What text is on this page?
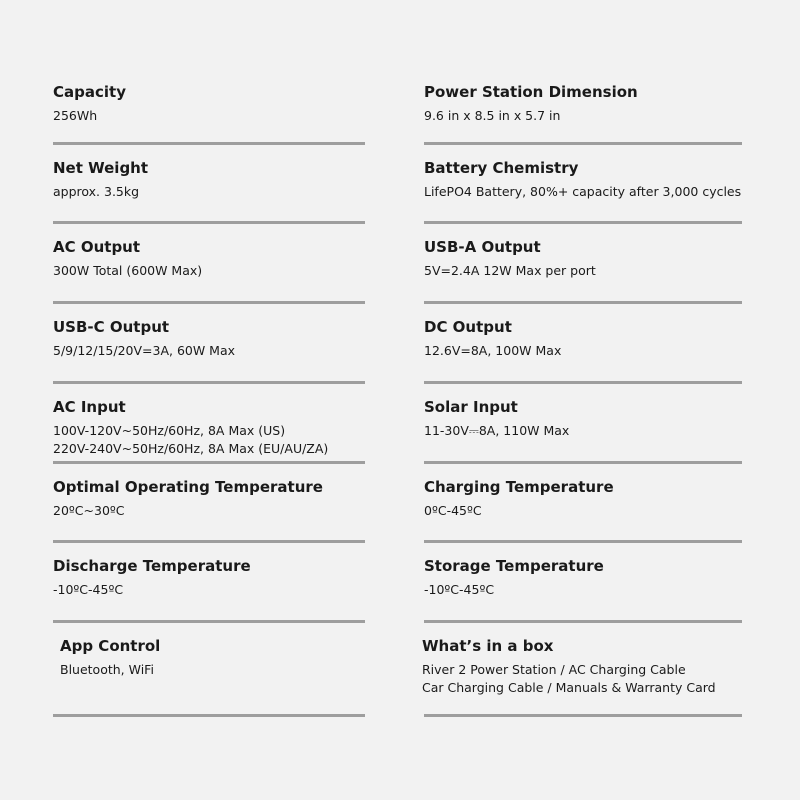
Capacity
256Wh
Power Station Dimension
9.6 in x 8.5 in x 5.7 in
Net Weight
approx. 3.5kg
Battery Chemistry
LifePO4 Battery, 80%+ capacity after 3,000 cycles
AC Output
300W Total (600W Max)
USB-A Output
5V=2.4A 12W Max per port
USB-C Output
5/9/12/15/20V=3A, 60W Max
DC Output
12.6V=8A, 100W Max
AC Input
100V-120V~50Hz/60Hz, 8A Max (US)
220V-240V~50Hz/60Hz, 8A Max (EU/AU/ZA)
Solar Input
11-30V⎓8A, 110W Max
Optimal Operating Temperature
20ºC~30ºC
Charging Temperature
0ºC-45ºC
Discharge Temperature
-10ºC-45ºC
Storage Temperature
-10ºC-45ºC
App Control
Bluetooth, WiFi
What’s in a box
River 2 Power Station / AC Charging Cable
Car Charging Cable / Manuals & Warranty Card
